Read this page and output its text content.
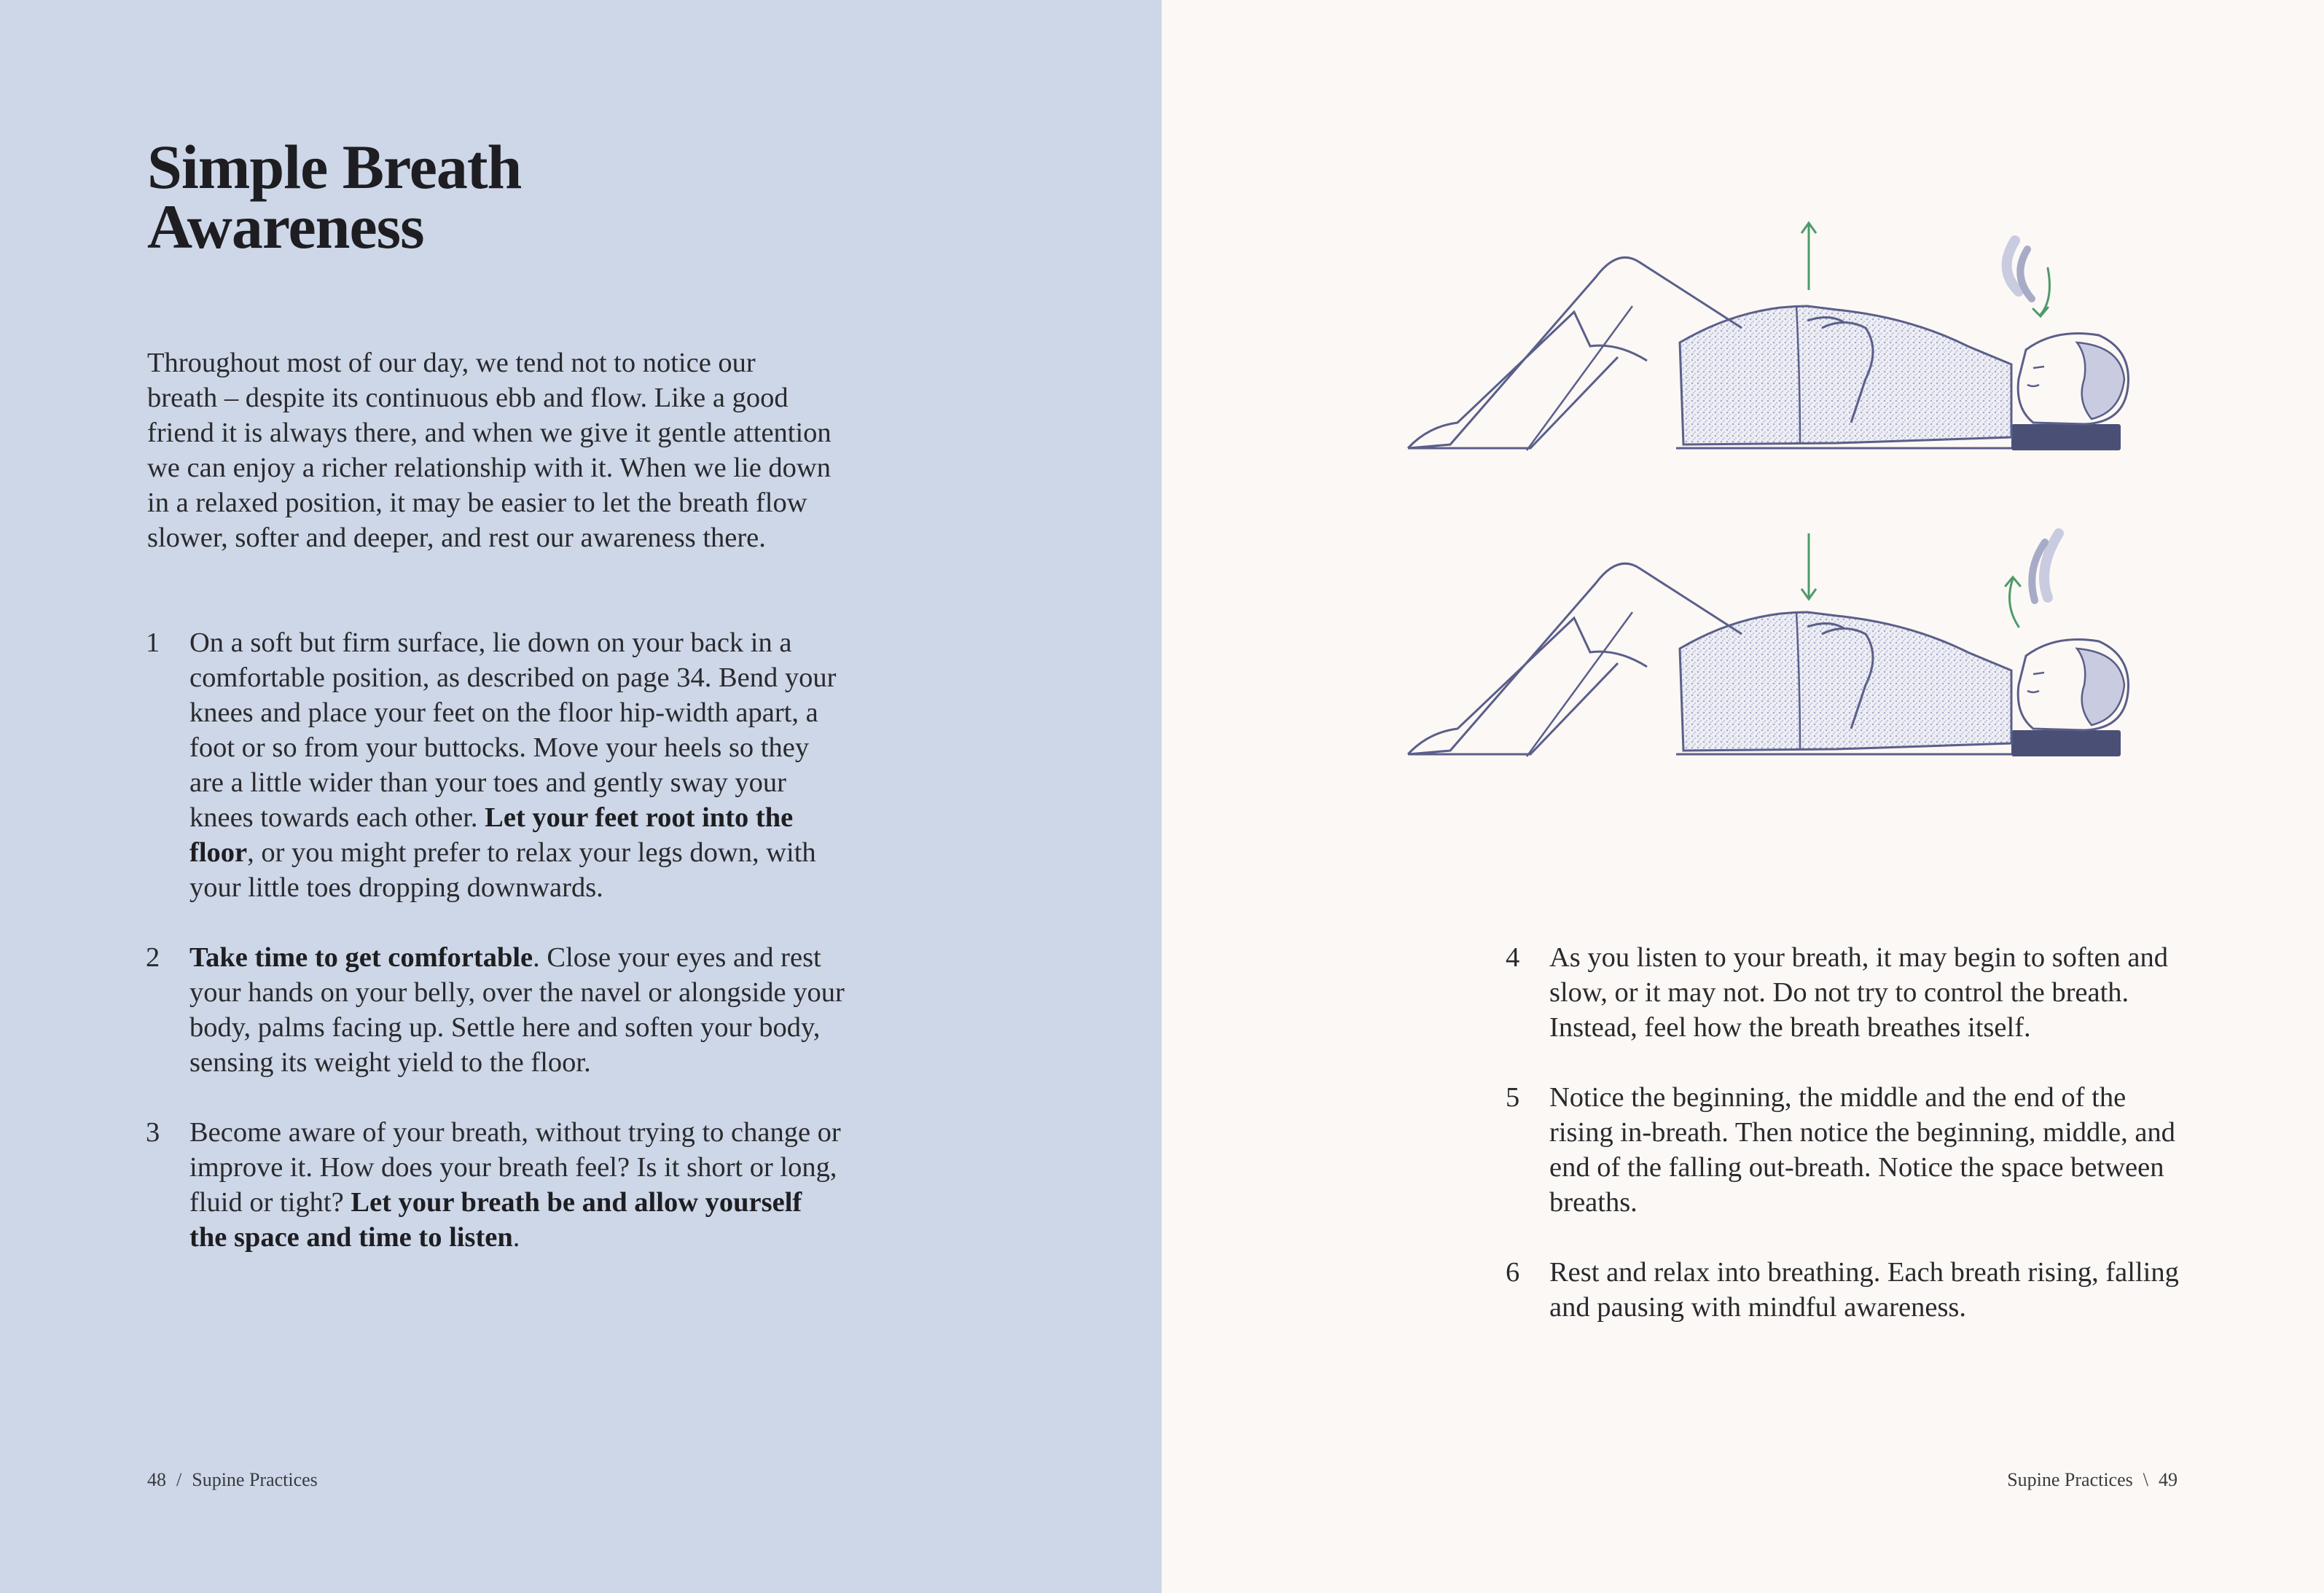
Simple Breath
Awareness

Throughout most of our day, we tend not to notice our breath – despite its continuous ebb and flow. Like a good friend it is always there, and when we give it gentle attention we can enjoy a richer relationship with it. When we lie down in a relaxed position, it may be easier to let the breath flow slower, softer and deeper, and rest our awareness there.

1 On a soft but firm surface, lie down on your back in a comfortable position, as described on page 34. Bend your knees and place your feet on the floor hip-width apart, a foot or so from your buttocks. Move your heels so they are a little wider than your toes and gently sway your knees towards each other. Let your feet root into the floor, or you might prefer to relax your legs down, with your little toes dropping downwards.
2 Take time to get comfortable. Close your eyes and rest your hands on your belly, over the navel or alongside your body, palms facing up. Settle here and soften your body, sensing its weight yield to the floor.
3 Become aware of your breath, without trying to change or improve it. How does your breath feel? Is it short or long, fluid or tight? Let your breath be and allow yourself the space and time to listen.
48 / Supine Practices
4 As you listen to your breath, it may begin to soften and slow, or it may not. Do not try to control the breath. Instead, feel how the breath breathes itself.
5 Notice the beginning, the middle and the end of the rising in-breath. Then notice the beginning, middle, and end of the falling out-breath. Notice the space between breaths.
6 Rest and relax into breathing. Each breath rising, falling and pausing with mindful awareness.
Supine Practices \ 49
